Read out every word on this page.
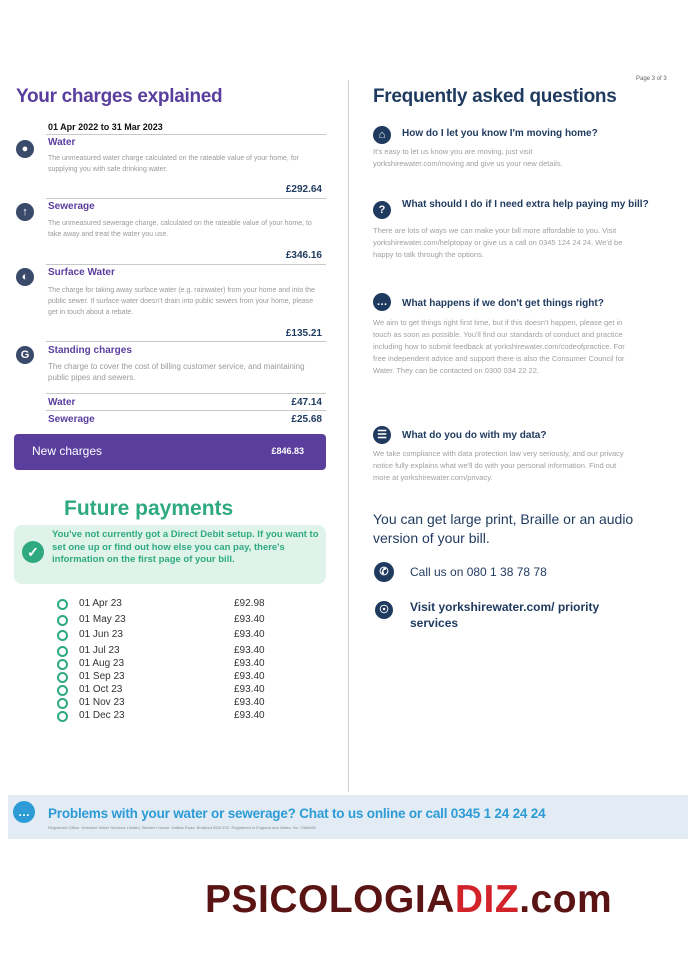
Page 3 of 3
Your charges explained
01 Apr 2022 to 31 Mar 2023
●
Water
The unmeasured water charge calculated on the rateable value of your home, for supplying you with safe drinking water.
£292.64
↑	Sewerage
The unmeasured sewerage charge, calculated on the rateable value of your home, to take away and treat the water you use.
£346.16
◐	Surface Water
The charge for taking away surface water (e.g. rainwater) from your home and into the public sewer. If surface water doesn't drain into public sewers from your home, please get in touch about a rebate.
£135.21
G	Standing charges
The charge to cover the cost of billing customer service, and maintaining public pipes and sewers.
Water	£47.14
Sewerage	£25.68
New charges	£846.83
Future payments
✓
You've not currently got a Direct Debit setup. If you want to set one up or find out how else you can pay, there's information on the first page of your bill.
01 Apr 23	£92.98
01 May 23	£93.40
01 Jun 23	£93.40
01 Jul 23	£93.40
01 Aug 23	£93.40
01 Sep 23	£93.40
01 Oct 23	£93.40
01 Nov 23	£93.40
01 Dec 23	£93.40
Frequently asked questions
⌂	How do I let you know I'm moving home?
It's easy to let us know you are moving, just visit yorkshirewater.com/moving and give us your new details.
?	What should I do if I need extra help paying my bill?
There are lots of ways we can make your bill more affordable to you. Visit yorkshirewater.com/helptopay or give us a call on 0345 124 24 24. We'd be happy to talk through the options.
…	What happens if we don't get things right?
We aim to get things right first time, but if this doesn't happen, please get in touch as soon as possible. You'll find our standards of conduct and practice including how to submit feedback at yorkshirewater.com/codeofpractice. For free independent advice and support there is also the Consumer Council for Water. They can be contacted on 0300 034 22 22.
☰	What do you do with my data?
We take compliance with data protection law very seriously, and our privacy notice fully explains what we'll do with your personal information. Find out more at yorkshirewater.com/privacy.
You can get large print, Braille or an audio version of your bill.
✆	Call us on 080 1 38 78 78
☉	Visit yorkshirewater.com/ priority services
…	Problems with your water or sewerage? Chat to us online or call 0345 1 24 24 24
Registered Office: Yorkshire Water Services Limited, Western House, Halifax Road, Bradford BD6 2SZ. Registered in England and Wales, No. 2366682
PSICOLOGIADIZ.com
